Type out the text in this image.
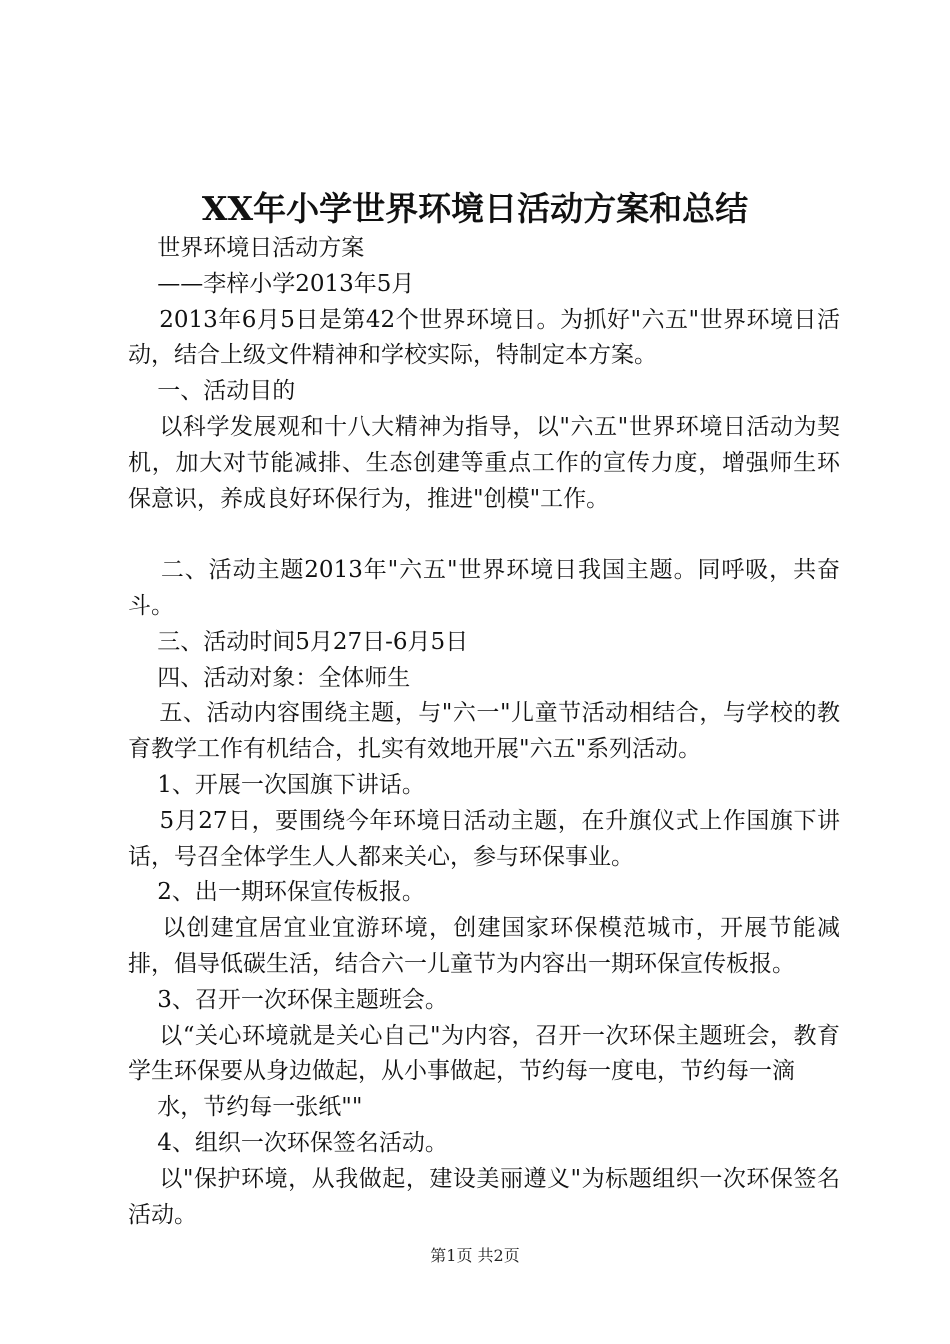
XX年小学世界环境日活动方案和总结

世界环境日活动方案

——李梓小学2013年5月

2013年6月5日是第42个世界环境日。为抓好"六五"世界环境日活动，结合上级文件精神和学校实际，特制定本方案。

一、活动目的

以科学发展观和十八大精神为指导，以"六五"世界环境日活动为契机，加大对节能减排、生态创建等重点工作的宣传力度，增强师生环保意识，养成良好环保行为，推进"创模"工作。

二、活动主题2013年"六五"世界环境日我国主题。同呼吸，共奋斗。

三、活动时间5月27日-6月5日

四、活动对象：全体师生

五、活动内容围绕主题，与"六一"儿童节活动相结合，与学校的教育教学工作有机结合，扎实有效地开展"六五"系列活动。

1、开展一次国旗下讲话。

5月27日，要围绕今年环境日活动主题，在升旗仪式上作国旗下讲话，号召全体学生人人都来关心，参与环保事业。

2、出一期环保宣传板报。

以创建宜居宜业宜游环境，创建国家环保模范城市，开展节能减排，倡导低碳生活，结合六一儿童节为内容出一期环保宣传板报。

3、召开一次环保主题班会。

以“关心环境就是关心自己"为内容，召开一次环保主题班会，教育学生环保要从身边做起，从小事做起，节约每一度电，节约每一滴

水，节约每一张纸""

4、组织一次环保签名活动。

以"保护环境，从我做起，建设美丽遵义"为标题组织一次环保签名活动。

第1页 共2页
